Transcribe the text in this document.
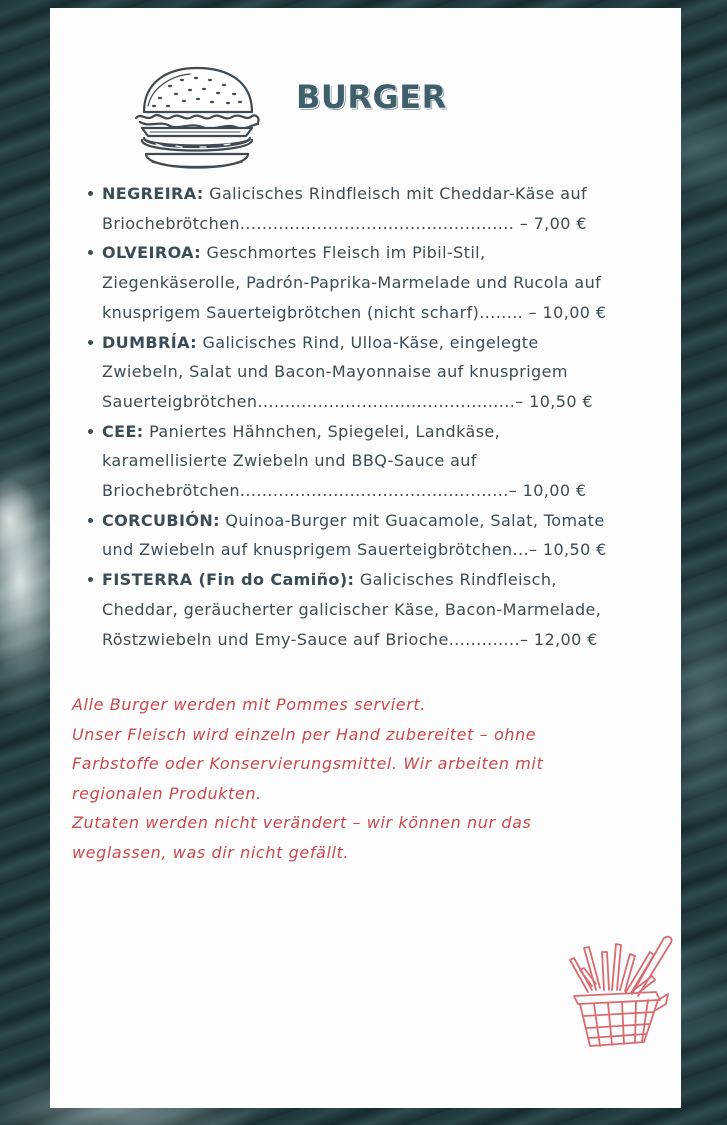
BURGER
NEGREIRA: Galicisches Rindfleisch mit Cheddar-Käse auf
Briochebrötchen.................................................. – 7,00 €
OLVEIROA: Geschmortes Fleisch im Pibil-Stil,
Ziegenkäserolle, Padrón-Paprika-Marmelade und Rucola auf
knusprigem Sauerteigbrötchen (nicht scharf)........ – 10,00 €
DUMBRÍA: Galicisches Rind, Ulloa-Käse, eingelegte
Zwiebeln, Salat und Bacon-Mayonnaise auf knusprigem
Sauerteigbrötchen...............................................– 10,50 €
CEE: Paniertes Hähnchen, Spiegelei, Landkäse,
karamellisierte Zwiebeln und BBQ-Sauce auf
Briochebrötchen.................................................– 10,00 €
CORCUBIÓN: Quinoa-Burger mit Guacamole, Salat, Tomate
und Zwiebeln auf knusprigem Sauerteigbrötchen...– 10,50 €
FISTERRA (Fin do Camiño): Galicisches Rindfleisch,
Cheddar, geräucherter galicischer Käse, Bacon-Marmelade,
Röstzwiebeln und Emy-Sauce auf Brioche.............– 12,00 €

Alle Burger werden mit Pommes serviert.
Unser Fleisch wird einzeln per Hand zubereitet – ohne
Farbstoffe oder Konservierungsmittel. Wir arbeiten mit
regionalen Produkten.
Zutaten werden nicht verändert – wir können nur das
weglassen, was dir nicht gefällt.
